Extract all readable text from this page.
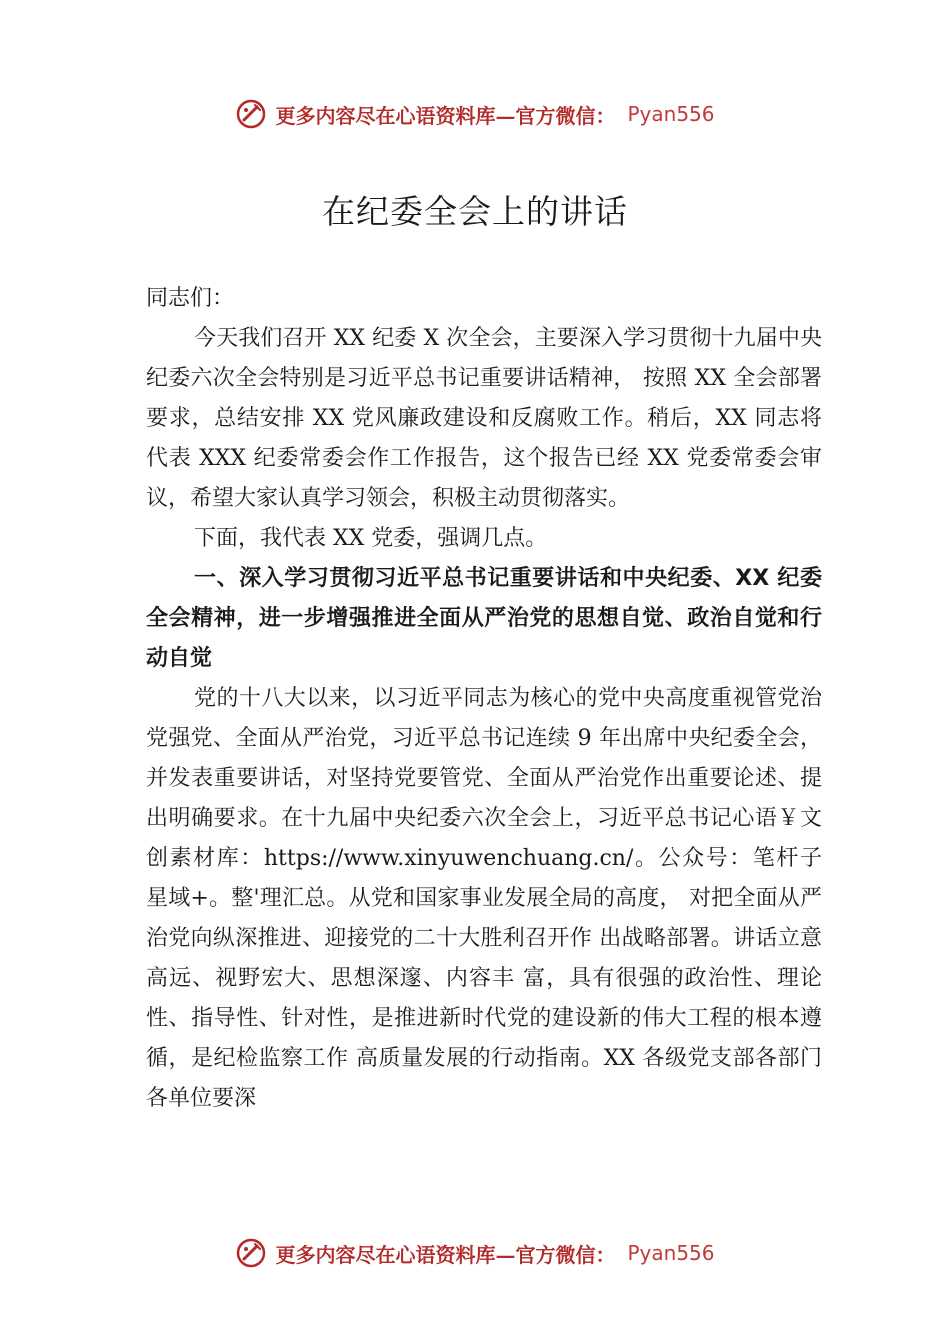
更多内容尽在心语资料库—官方微信： Pyan556
在纪委全会上的讲话

同志们：

今天我们召开 XX 纪委 X 次全会，主要深入学习贯彻十九届中央纪委六次全会特别是习近平总书记重要讲话精神， 按照 XX 全会部署要求，总结安排 XX 党风廉政建设和反腐败工作。稍后，XX 同志将代表 XXX 纪委常委会作工作报告，这个报告已经 XX 党委常委会审议，希望大家认真学习领会，积极主动贯彻落实。

下面，我代表 XX 党委，强调几点。

一、深入学习贯彻习近平总书记重要讲话和中央纪委、XX 纪委全会精神，进一步增强推进全面从严治党的思想自觉、政治自觉和行动自觉

党的十八大以来，以习近平同志为核心的党中央高度重视管党治党强党、全面从严治党，习近平总书记连续 9 年出席中央纪委全会，并发表重要讲话，对坚持党要管党、全面从严治党作出重要论述、提出明确要求。在十九届中央纪委六次全会上，习近平总书记心语￥文创素材库：https://www.xinyuwenchuang.cn/。公众号：笔杆子星域+。整'理汇总。从党和国家事业发展全局的高度， 对把全面从严治党向纵深推进、迎接党的二十大胜利召开作 出战略部署。讲话立意高远、视野宏大、思想深邃、内容丰 富，具有很强的政治性、理论性、指导性、针对性，是推进新时代党的建设新的伟大工程的根本遵循，是纪检监察工作 高质量发展的行动指南。XX 各级党支部各部门各单位要深

更多内容尽在心语资料库—官方微信： Pyan556
